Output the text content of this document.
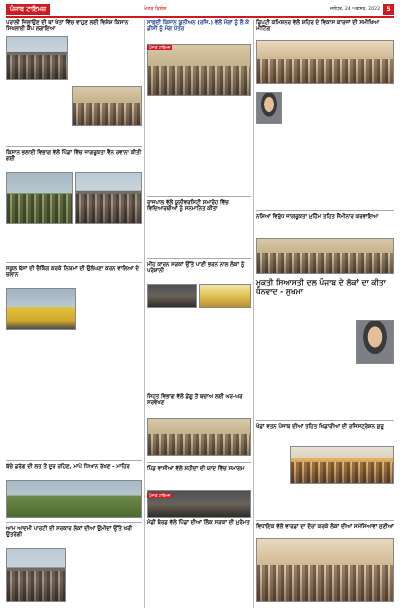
ਪੰਜਾਬ ਟਾਇਮਜ਼	ਖੇਤਰ ਵਿਸ਼ੇਸ਼	ਜਲੰਧਰ, 24 ਅਗਸਤ, 2022	5
ਪਰਾਲੀ ਜਿਲਾਉਣ ਦੀ ਥਾਂ ਖੇਤਾਂ ਵਿੱਚ ਵਾਹੁਣ ਲਈ ਵਿਸ਼ੇਸ਼ ਕਿਸਾਨ ਸਿਖਲਾਈ ਕੈਂਪ ਲਗਾਇਆ
ਕਿਸਾਨ ਭਲਾਈ ਵਿਭਾਗ ਵੱਲੋਂ ਪਿੰਡਾਂ ਵਿੱਚ ਜਾਗਰੂਕਤਾ ਵੈਨ ਰਵਾਨਾ ਕੀਤੀ ਗਈ
ਸਕੂਲ ਬੱਸਾਂ ਦੀ ਚੈਕਿੰਗ ਕਰਕੇ ਨਿਯਮਾਂ ਦੀ ਉਲੰਘਣਾ ਕਰਨ ਵਾਲਿਆਂ ਦੇ ਚਲਾਨ
ਬੱਚੇ ਡਰੱਗ ਦੀ ਲਤ ਤੋਂ ਦੂਰ ਰਹਿਣ, ਮਾਪੇ ਧਿਆਨ ਰੱਖਣ - ਮਾਹਿਰ
ਆਮ ਆਦਮੀ ਪਾਰਟੀ ਦੀ ਸਰਕਾਰ ਲੋਕਾਂ ਦੀਆਂ ਉਮੀਦਾਂ ਉੱਤੇ ਖਰੀ ਉਤਰੇਗੀ
ਸਾਫ਼ਦੀ ਕਿਸਾਨ ਯੂਨੀਅਨ (ਰਜਿ.) ਵੱਲੋਂ ਮੰਗਾਂ ਨੂੰ ਲੈ ਕੇ ਡੀਸੀ ਨੂੰ ਮੰਗ ਪੱਤਰ
ਰਾਜਪਾਲ ਵੱਲੋਂ ਯੂਨੀਵਰਸਿਟੀ ਸਮਾਰੋਹ ਵਿੱਚ ਵਿਦਿਆਰਥੀਆਂ ਨੂੰ ਸਨਮਾਨਿਤ ਕੀਤਾ
ਮੀਂਹ ਕਾਰਨ ਸੜਕਾਂ ਉੱਤੇ ਪਾਣੀ ਭਰਨ ਨਾਲ ਲੋਕਾਂ ਨੂੰ ਪਰੇਸ਼ਾਨੀ
ਸਿਹਤ ਵਿਭਾਗ ਵੱਲੋਂ ਡੇਂਗੂ ਤੋਂ ਬਚਾਅ ਲਈ ਘਰ-ਘਰ ਸਰਵੇਖਣ
ਪਿੰਡ ਵਾਸੀਆਂ ਵੱਲੋਂ ਸ਼ਹੀਦਾਂ ਦੀ ਯਾਦ ਵਿੱਚ ਸਮਾਗਮ
ਡਿਪਟੀ ਕਮਿਸ਼ਨਰ ਵੱਲੋਂ ਸ਼ਹਿਰ ਦੇ ਵਿਕਾਸ ਕਾਰਜਾਂ ਦੀ ਸਮੀਖਿਆ ਮੀਟਿੰਗ
ਨਸ਼ਿਆਂ ਵਿਰੁੱਧ ਜਾਗਰੂਕਤਾ ਮੁਹਿੰਮ ਤਹਿਤ ਸੈਮੀਨਾਰ ਕਰਵਾਇਆ
ਮੁਕਤੀ ਸਿਆਸਤੀ ਦਲ ਪੰਜਾਬ ਦੇ ਲੋਕਾਂ ਦਾ ਕੀਤਾ ਧੰਨਵਾਦ - ਸੁਖਮਾ
ਖੇਡਾਂ ਵਤਨ ਪੰਜਾਬ ਦੀਆਂ ਤਹਿਤ ਖਿਡਾਰੀਆਂ ਦੀ ਰਜਿਸਟ੍ਰੇਸ਼ਨ ਸ਼ੁਰੂ
ਵਿਧਾਇਕ ਵੱਲੋਂ ਵਾਰਡਾਂ ਦਾ ਦੌਰਾ ਕਰਕੇ ਲੋਕਾਂ ਦੀਆਂ ਸਮੱਸਿਆਵਾਂ ਸੁਣੀਆਂ
ਪੰਜਾਬ ਟਾਇਮਜ਼
ਪੰਜਾਬ ਟਾਇਮਜ਼
ਮੰਡੀ ਬੋਰਡ ਵੱਲੋਂ ਪਿੰਡਾਂ ਦੀਆਂ ਲਿੰਕ ਸੜਕਾਂ ਦੀ ਮੁਰੰਮਤ
